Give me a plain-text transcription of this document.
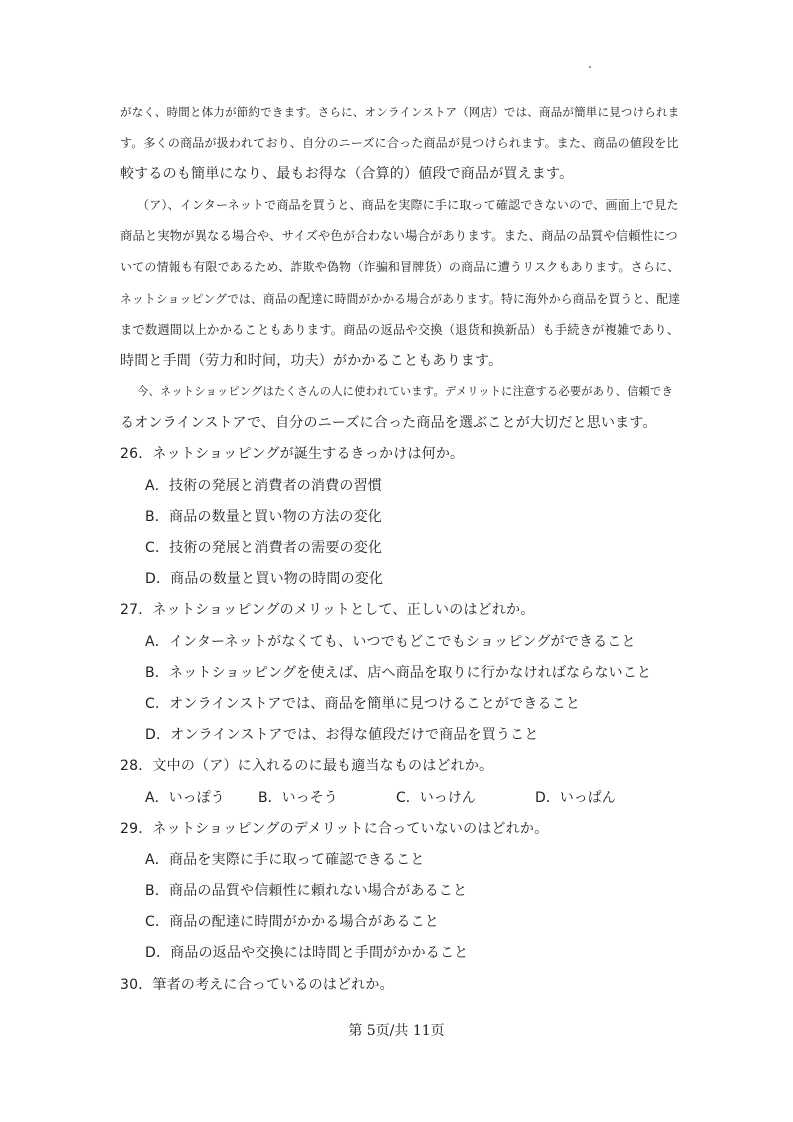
がなく、時間と体力が節約できます。さらに、オンラインストア（网店）では、商品が簡単に見つけられま
す。多くの商品が扱われており、自分のニーズに合った商品が見つけられます。また、商品の値段を比
較するのも簡単になり、最もお得な（合算的）値段で商品が買えます。
（ア）、インターネットで商品を買うと、商品を実際に手に取って確認できないので、画面上で見た
商品と実物が異なる場合や、サイズや色が合わない場合があります。また、商品の品質や信頼性につ
いての情報も有限であるため、詐欺や偽物（诈骗和冒牌货）の商品に遭うリスクもあります。さらに、
ネットショッピングでは、商品の配達に時間がかかる場合があります。特に海外から商品を買うと、配達
まで数週間以上かかることもあります。商品の返品や交換（退货和换新品）も手続きが複雑であり、
時間と手間（劳力和时间，功夫）がかかることもあります。
今、ネットショッピングはたくさんの人に使われています。デメリットに注意する必要があり、信頼でき
るオンラインストアで、自分のニーズに合った商品を選ぶことが大切だと思います。
26．ネットショッピングが誕生するきっかけは何か。
A．技術の発展と消費者の消費の習慣
B．商品の数量と買い物の方法の変化
C．技術の発展と消費者の需要の変化
D．商品の数量と買い物の時間の変化
27．ネットショッピングのメリットとして、正しいのはどれか。
A．インターネットがなくても、いつでもどこでもショッピングができること
B．ネットショッピングを使えば、店へ商品を取りに行かなければならないこと
C．オンラインストアでは、商品を簡単に見つけることができること
D．オンラインストアでは、お得な値段だけで商品を買うこと
28．文中の（ア）に入れるのに最も適当なものはどれか。
A．いっぽう B．いっそう	C．いっけん	D．いっぱん
29．ネットショッピングのデメリットに合っていないのはどれか。
A．商品を実際に手に取って確認できること
B．商品の品質や信頼性に頼れない場合があること
C．商品の配達に時間がかかる場合があること
D．商品の返品や交換には時間と手間がかかること
30．筆者の考えに合っているのはどれか。
第 5页/共 11页
